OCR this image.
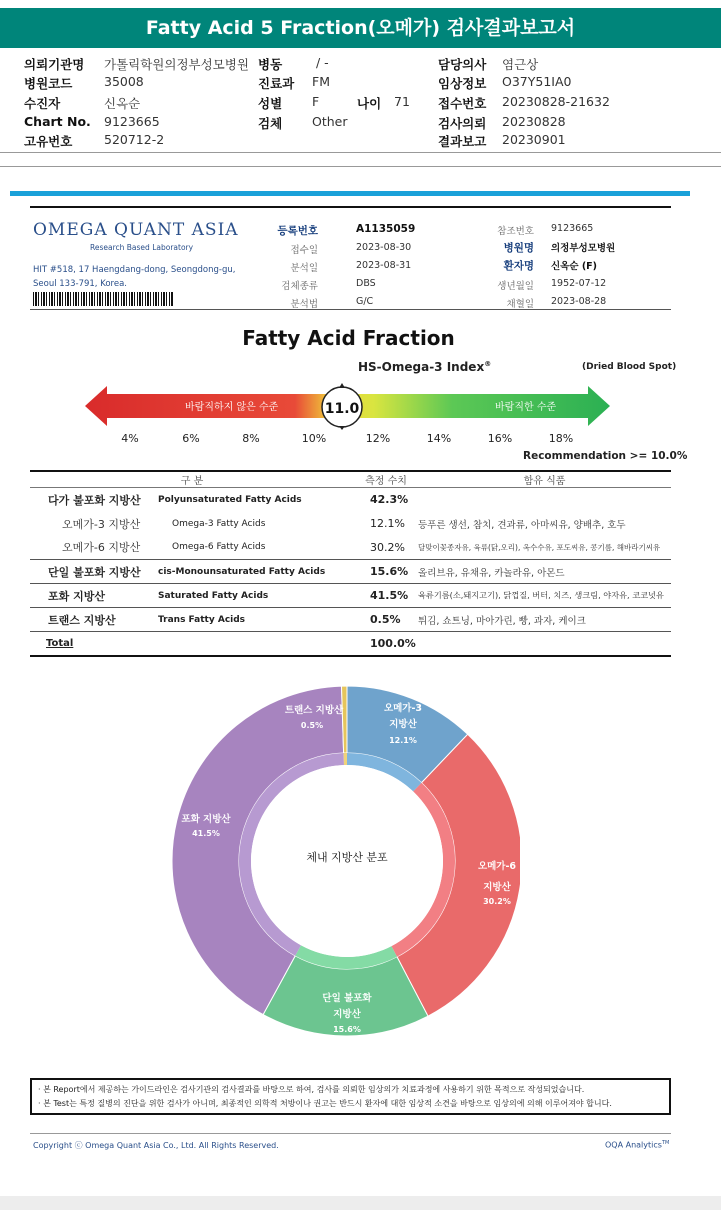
Fatty Acid 5 Fraction(오메가) 검사결과보고서
의뢰기관명 가톨릭학원의정부성모병원
병원코드	35008
수진자	신옥순
Chart No. 9123665
고유번호	520712-2
병동	/ -
진료과 FM
성별 F
검체 Other
나이 71
담당의사 염근상
임상정보 O37Y51IA0
접수번호 20230828-21632
검사의뢰 20230828
결과보고 20230901
OMEGA QUANT ASIA
Research Based Laboratory
HIT #518, 17 Haengdang-dong, Seongdong-gu,
Seoul 133-791, Korea.
등록번호	A1135059
접수일	2023-08-30
분석일	2023-08-31
검체종류	DBS
분석법	G/C
참조번호 9123665
병원명 의정부성모병원
환자명 신옥순 (F)
생년월일 1952-07-12
채혈일 2023-08-28
Fatty Acid Fraction
HS-Omega-3 Index®	(Dried Blood Spot)
바람직하지 않은 수준	바람직한 수준
11.0
4%	6%	8%	10%	12%	14%	16%	18%
Recommendation >= 10.0%
구 분		측정 수치	함유 식품
다가 불포화 지방산	Polyunsaturated Fatty Acids	42.3%	
오메가-3 지방산	Omega-3 Fatty Acids	12.1%	등푸른 생선, 참치, 견과류, 아마씨유, 양배추, 호두
오메가-6 지방산	Omega-6 Fatty Acids	30.2%	달맞이꽃종자유, 육류(닭,오리), 옥수수유, 포도씨유, 콩기름, 해바라기씨유
단일 불포화 지방산	cis-Monounsaturated Fatty Acids	15.6%	올리브유, 유채유, 카놀라유, 아몬드
포화 지방산	Saturated Fatty Acids	41.5%	육류기름(소,돼지고기), 닭껍질, 버터, 치즈, 생크림, 야자유, 코코넛유
트랜스 지방산	Trans Fatty Acids	0.5%	튀김, 쇼트닝, 마아가린, 빵, 과자, 케이크
Total		100.0%	
체내 지방산 분포
오메가-3
지방산
12.1%
오메가-6
지방산
30.2%
단일 불포화
지방산
15.6%
포화 지방산
41.5%
트랜스 지방산
0.5%
· 본 Report에서 제공하는 가이드라인은 검사기관의 검사결과를 바탕으로 하여, 검사를 의뢰한 임상의가 치료과정에 사용하기 위한 목적으로 작성되었습니다.
· 본 Test는 특정 질병의 진단을 위한 검사가 아니며, 최종적인 의학적 처방이나 권고는 반드시 환자에 대한 임상적 소견을 바탕으로 임상의에 의해 이루어져야 합니다.
Copyright ⓒ Omega Quant Asia Co., Ltd. All Rights Reserved.	OQA Analytics™
